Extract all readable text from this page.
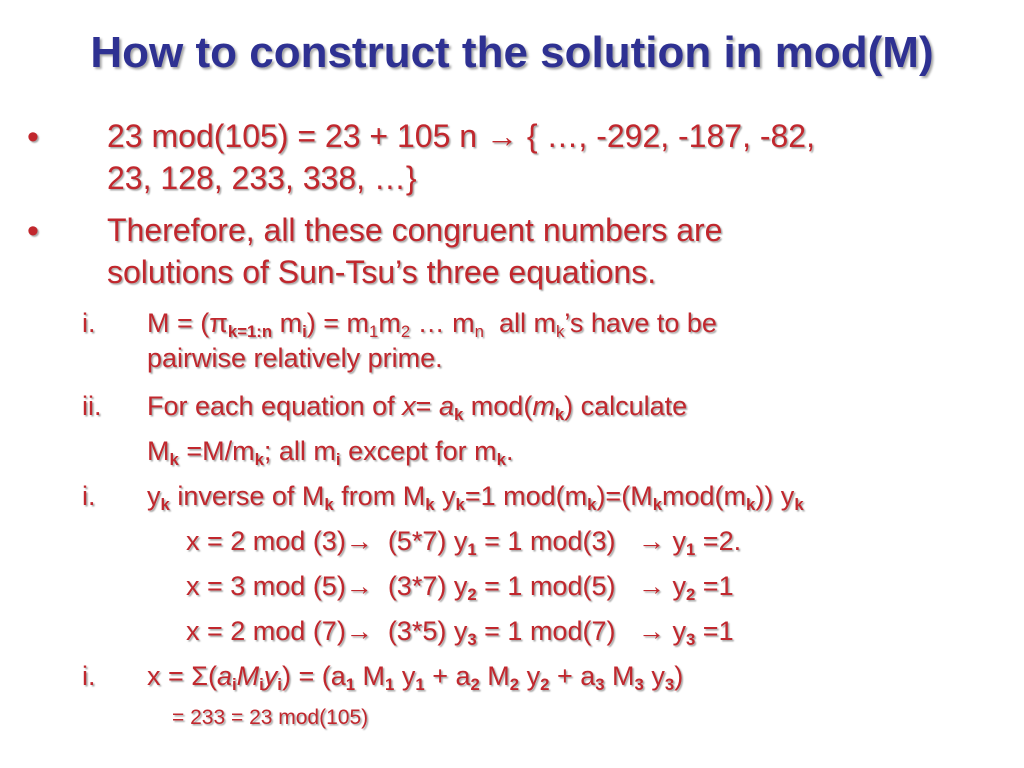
How to construct the solution in mod(M)
• 23 mod(105) = 23 + 105 n → { …, -292, -187, -82,
23, 128, 233, 338, …}
• Therefore, all these congruent numbers are
solutions of Sun-Tsu’s three equations.
i. $M = (\pi_{k=1:n}$ $m_i) = m1m2$ … mn  all mk’s have to be
pairwise relatively prime.
ii. For each equation of $x= a_k$ $mod(m_k)$ calculate
$M_k =M/m_k$; all $m_i$ except for $m_k$.
i. $y_k$ inverse of $M_k$ from $M_k$ $y_k=1$ $mod(m_k)=(M_kmod(m_k))$ $y_k$
x = 2 mod (3)→  (5*7) $y_1 = 1$ $mod(3) \to y_1 =2$.
x = 3 mod (5)→  (3*7) $y_2 = 1$ $mod(5) \to y_2 =1$
x = 2 mod (7)→  (3*5) $y_3 = 1$ $mod(7) \to y_3 =1$
i. $x = \Sigma(a_iM_iy_i) = (a_1$ $M_1$ $y_1 + a_2$ $M_2$ $y_2 + a_3$ $M_3$ $y_3$)
= 233 = 23 mod(105)
